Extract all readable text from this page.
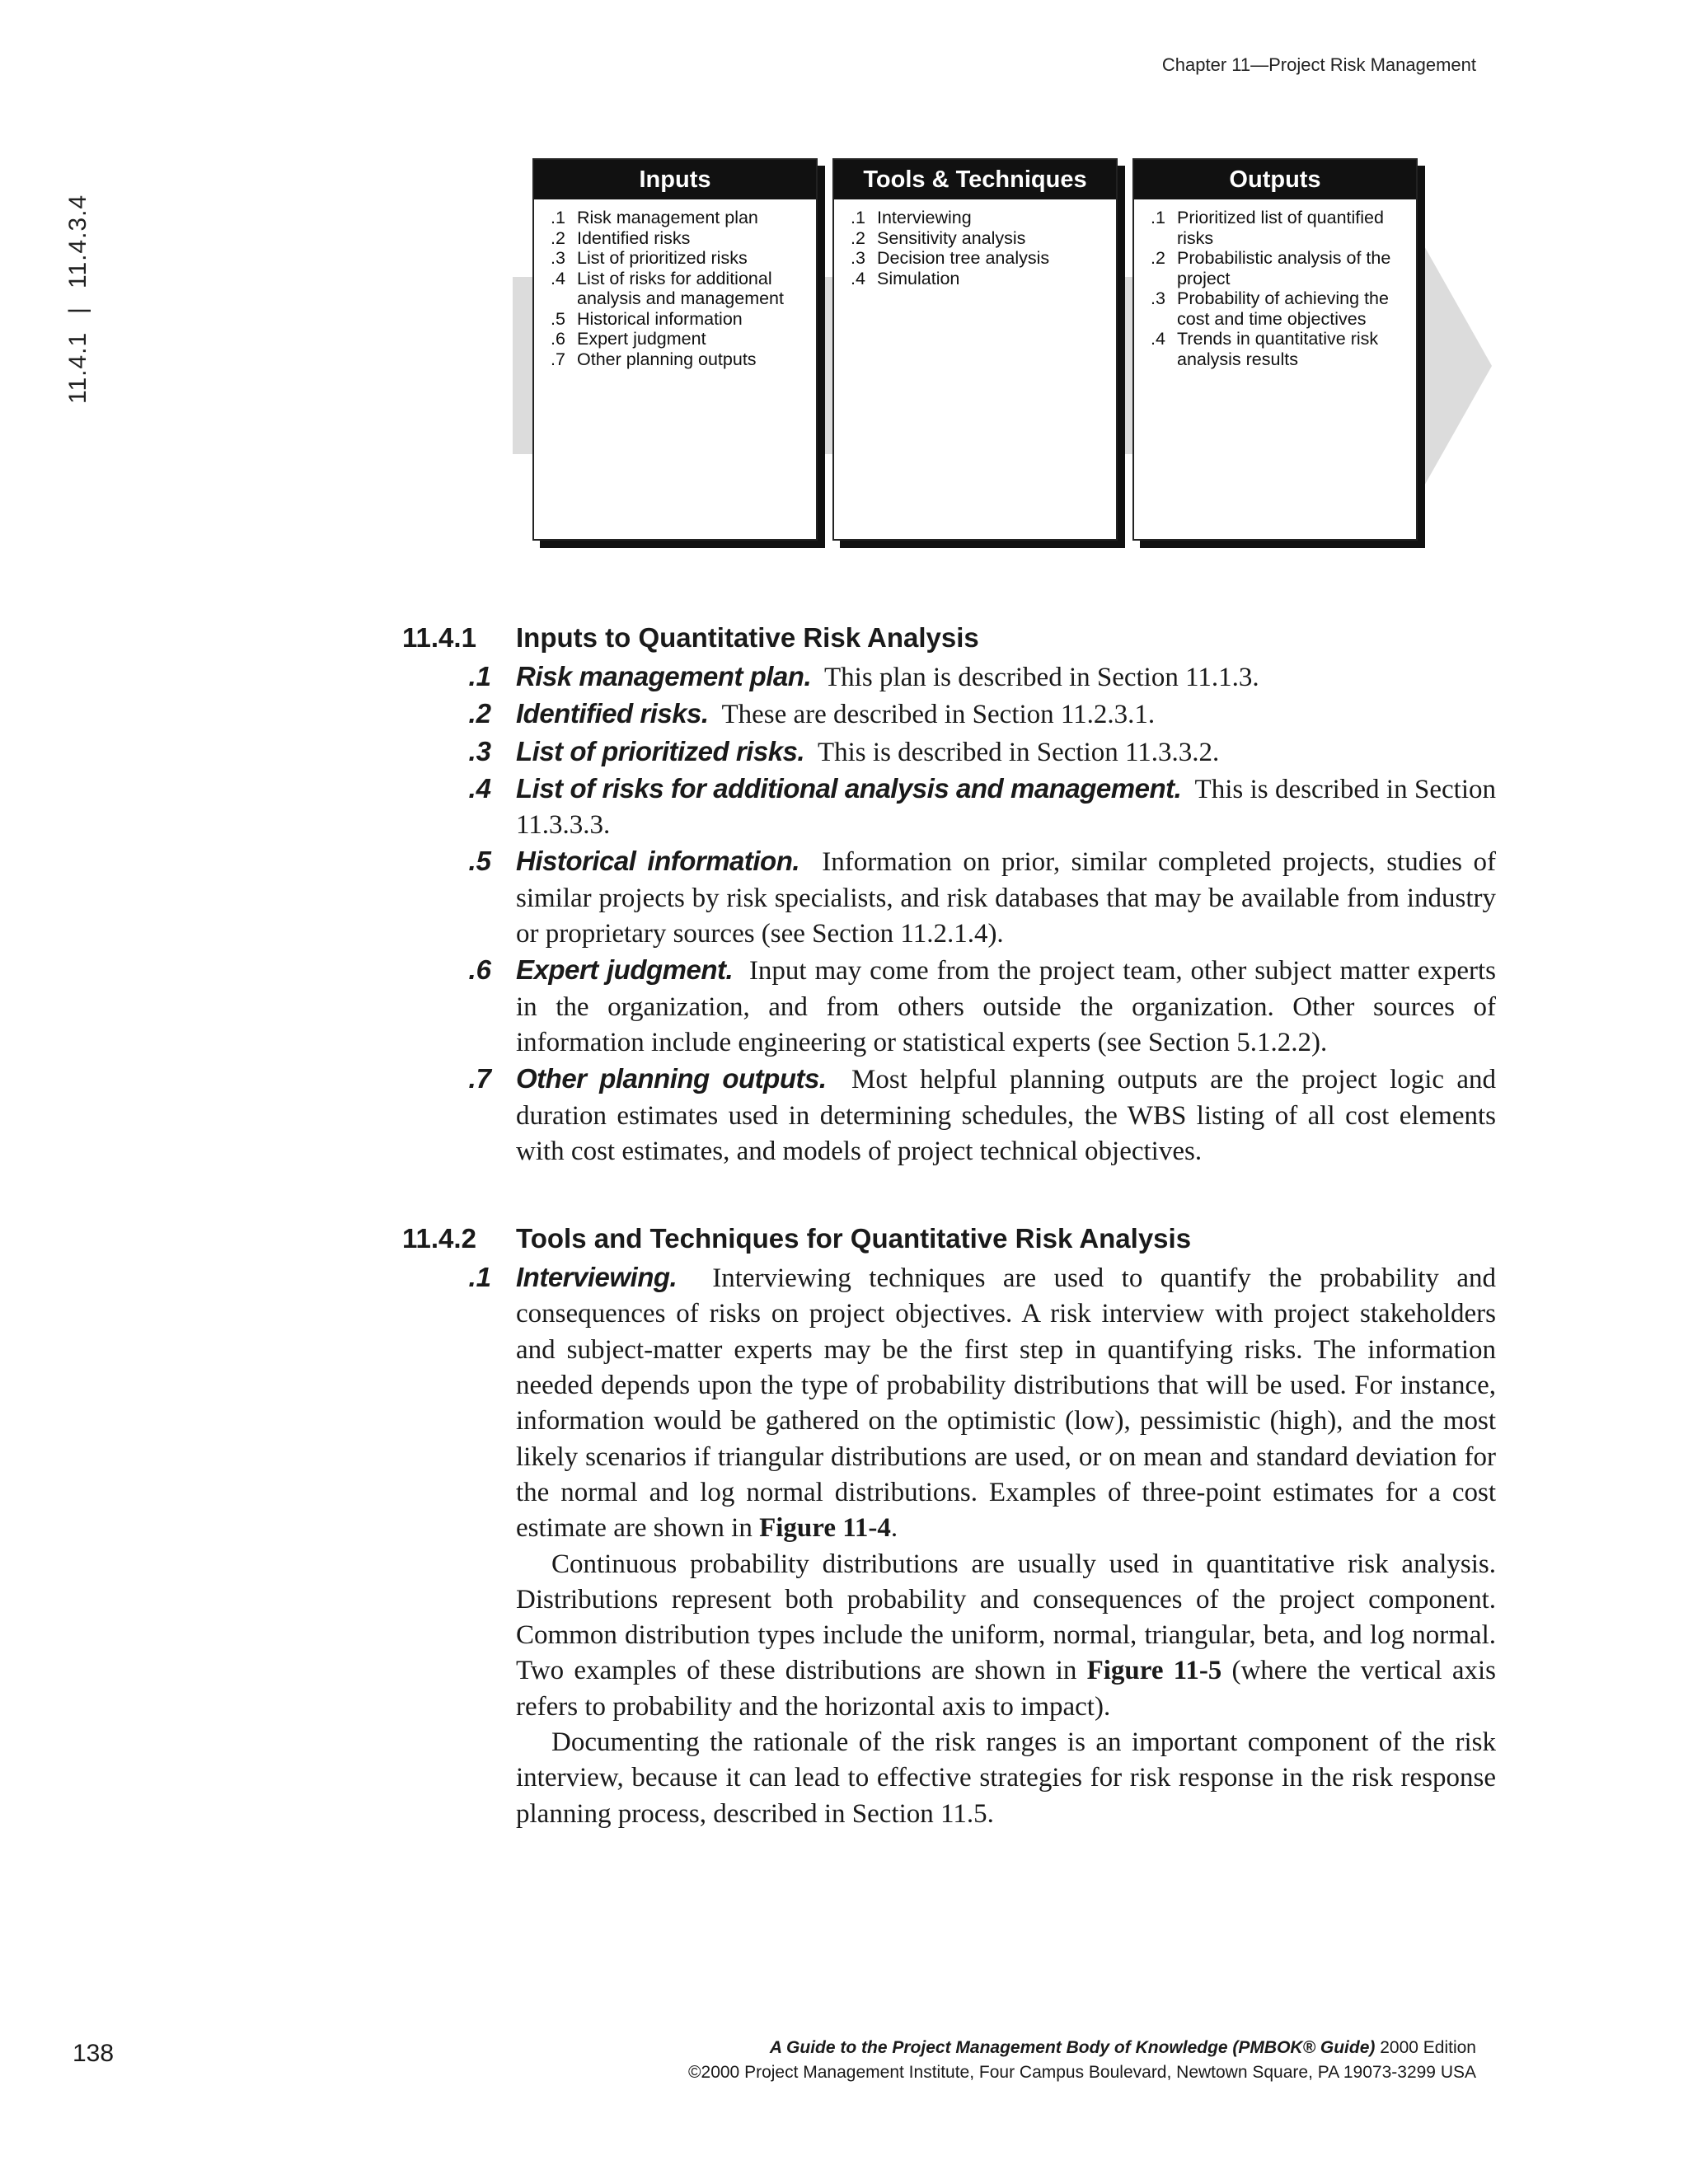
Chapter 11—Project Risk Management
11.4.1|11.4.3.4
Inputs
.1 Risk management plan
.2 Identified risks
.3 List of prioritized risks
.4 List of risks for additional analysis and management
.5 Historical information
.6 Expert judgment
.7 Other planning outputs
Tools & Techniques
.1 Interviewing
.2 Sensitivity analysis
.3 Decision tree analysis
.4 Simulation
Outputs
.1 Prioritized list of quantified risks
.2 Probabilistic analysis of the project
.3 Probability of achieving the cost and time objectives
.4 Trends in quantitative risk analysis results
11.4.1	Inputs to Quantitative Risk Analysis
.1 Risk management plan. This plan is described in Section 11.1.3.
.2 Identified risks. These are described in Section 11.2.3.1.
.3 List of prioritized risks. This is described in Section 11.3.3.2.
.4 List of risks for additional analysis and management. This is described in Section 11.3.3.3.
.5 Historical information. Information on prior, similar completed projects, studies of similar projects by risk specialists, and risk databases that may be available from industry or proprietary sources (see Section 11.2.1.4).
.6 Expert judgment. Input may come from the project team, other subject matter experts in the organization, and from others outside the organization. Other sources of information include engineering or statistical experts (see Section 5.1.2.2).
.7 Other planning outputs. Most helpful planning outputs are the project logic and duration estimates used in determining schedules, the WBS listing of all cost elements with cost estimates, and models of project technical objectives.
11.4.2	Tools and Techniques for Quantitative Risk Analysis
.1 Interviewing. Interviewing techniques are used to quantify the probability and consequences of risks on project objectives. A risk interview with project stakeholders and subject-matter experts may be the first step in quantifying risks. The information needed depends upon the type of probability distributions that will be used. For instance, information would be gathered on the optimistic (low), pessimistic (high), and the most likely scenarios if triangular distributions are used, or on mean and standard deviation for the normal and log normal distributions. Examples of three-point estimates for a cost estimate are shown in Figure 11-4.
Continuous probability distributions are usually used in quantitative risk analysis. Distributions represent both probability and consequences of the project component. Common distribution types include the uniform, normal, triangular, beta, and log normal. Two examples of these distributions are shown in Figure 11-5 (where the vertical axis refers to probability and the horizontal axis to impact).
Documenting the rationale of the risk ranges is an important component of the risk interview, because it can lead to effective strategies for risk response in the risk response planning process, described in Section 11.5.
138	A Guide to the Project Management Body of Knowledge (PMBOK® Guide) 2000 Edition
©2000 Project Management Institute, Four Campus Boulevard, Newtown Square, PA 19073-3299 USA
